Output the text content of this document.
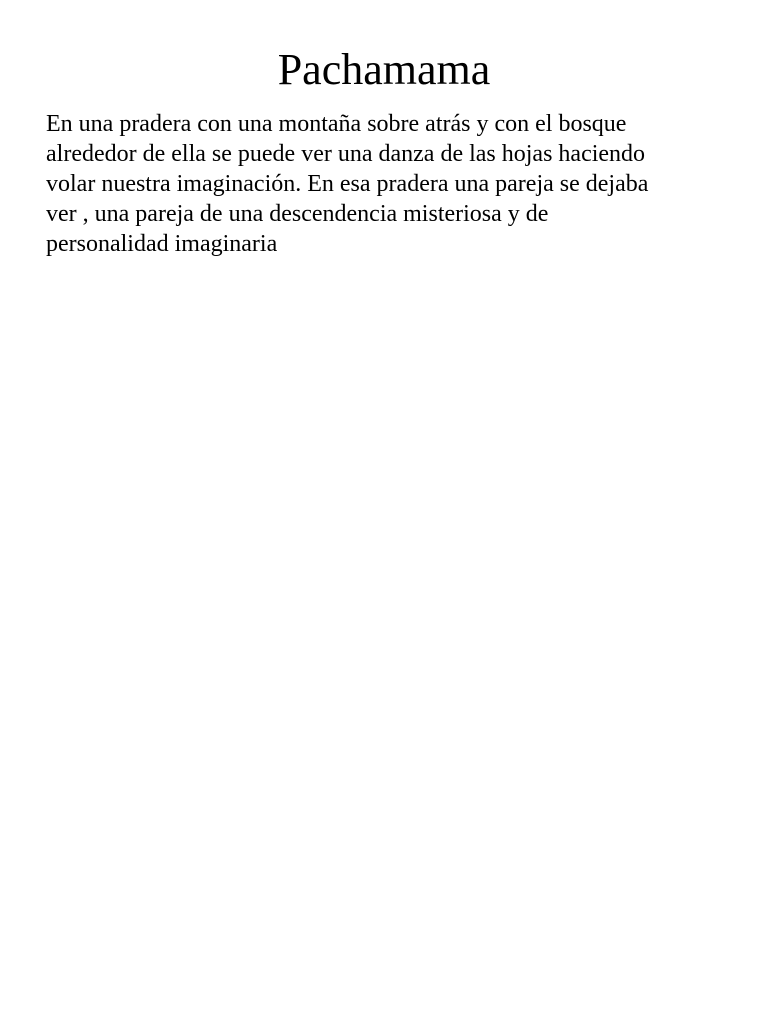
Pachamama

En una pradera con una montaña sobre atrás y con el bosque
alrededor de ella se puede ver una danza de las hojas haciendo
volar nuestra imaginación. En esa pradera una pareja se dejaba
ver , una pareja de una descendencia misteriosa y de
personalidad imaginaria
